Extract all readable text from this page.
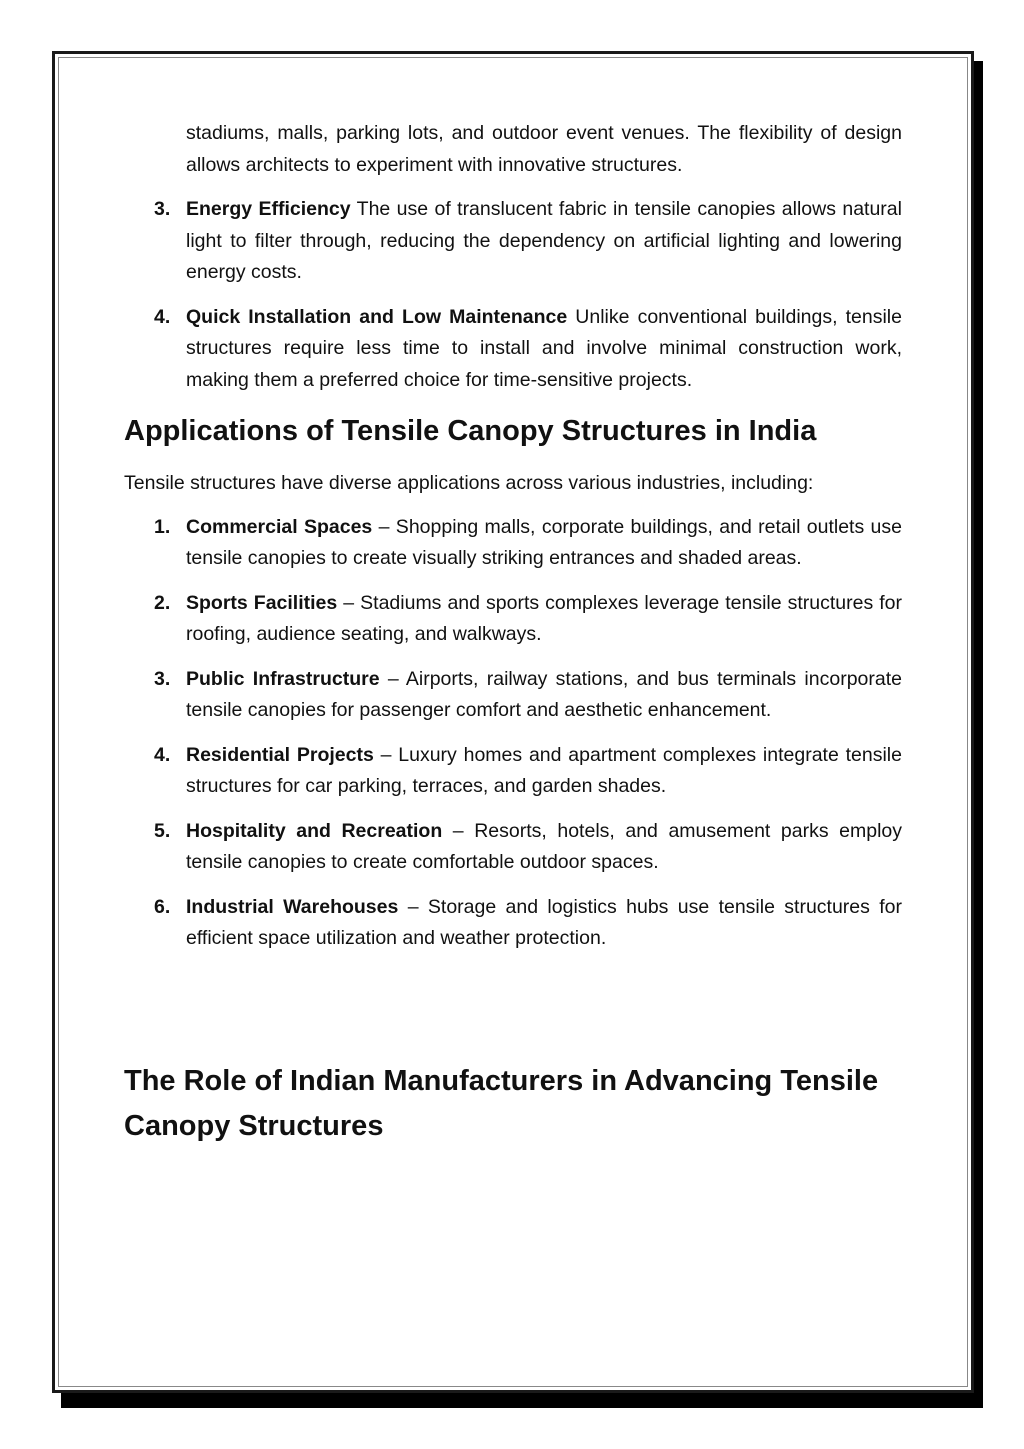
stadiums, malls, parking lots, and outdoor event venues. The flexibility of design allows architects to experiment with innovative structures.
3. Energy Efficiency The use of translucent fabric in tensile canopies allows natural light to filter through, reducing the dependency on artificial lighting and lowering energy costs.
4. Quick Installation and Low Maintenance Unlike conventional buildings, tensile structures require less time to install and involve minimal construction work, making them a preferred choice for time-sensitive projects.
Applications of Tensile Canopy Structures in India

Tensile structures have diverse applications across various industries, including:

1. Commercial Spaces – Shopping malls, corporate buildings, and retail outlets use tensile canopies to create visually striking entrances and shaded areas.
2. Sports Facilities – Stadiums and sports complexes leverage tensile structures for roofing, audience seating, and walkways.
3. Public Infrastructure – Airports, railway stations, and bus terminals incorporate tensile canopies for passenger comfort and aesthetic enhancement.
4. Residential Projects – Luxury homes and apartment complexes integrate tensile structures for car parking, terraces, and garden shades.
5. Hospitality and Recreation – Resorts, hotels, and amusement parks employ tensile canopies to create comfortable outdoor spaces.
6. Industrial Warehouses – Storage and logistics hubs use tensile structures for efficient space utilization and weather protection.
The Role of Indian Manufacturers in Advancing Tensile Canopy Structures
